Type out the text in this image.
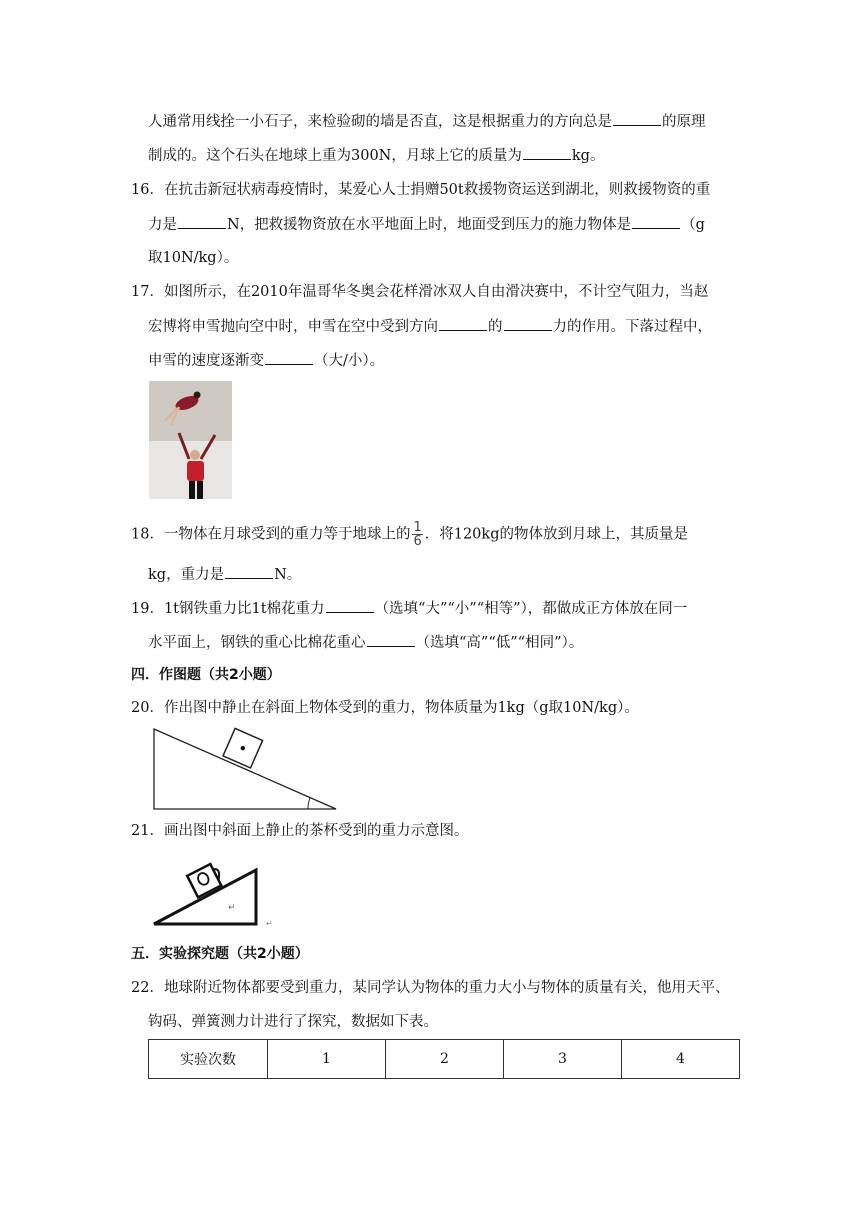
人通常用线拴一小石子，来检验砌的墙是否直，这是根据重力的方向总是	的原理
制成的。这个石头在地球上重为300N，月球上它的质量为	kg。
16．在抗击新冠状病毒疫情时，某爱心人士捐赠50t救援物资运送到湖北，则救援物资的重
力是	N，把救援物资放在水平地面上时，地面受到压力的施力物体是	（g
取10N/kg）。
17．如图所示，在2010年温哥华冬奥会花样滑冰双人自由滑决赛中，不计空气阻力，当赵
宏博将申雪抛向空中时，申雪在空中受到方向	的	力的作用。下落过程中，
申雪的速度逐渐变	（大/小）。
18．一物体在月球受到的重力等于地球上的 $\frac{1}{6}$ ．将120kg的物体放到月球上，其质量是
kg，重力是	N。
19．1t钢铁重力比1t棉花重力	（选填“大”“小”“相等”），都做成正方体放在同一
水平面上，钢铁的重心比棉花重心	（选填“高”“低”“相同”）。
四．作图题（共2小题）
20．作出图中静止在斜面上物体受到的重力，物体质量为1kg（g取10N/kg）。
21．画出图中斜面上静止的茶杯受到的重力示意图。
↵
↵
五．实验探究题（共2小题）
22．地球附近物体都要受到重力，某同学认为物体的重力大小与物体的质量有关，他用天平、
钩码、弹簧测力计进行了探究，数据如下表。
实验次数	1	2	3	4
